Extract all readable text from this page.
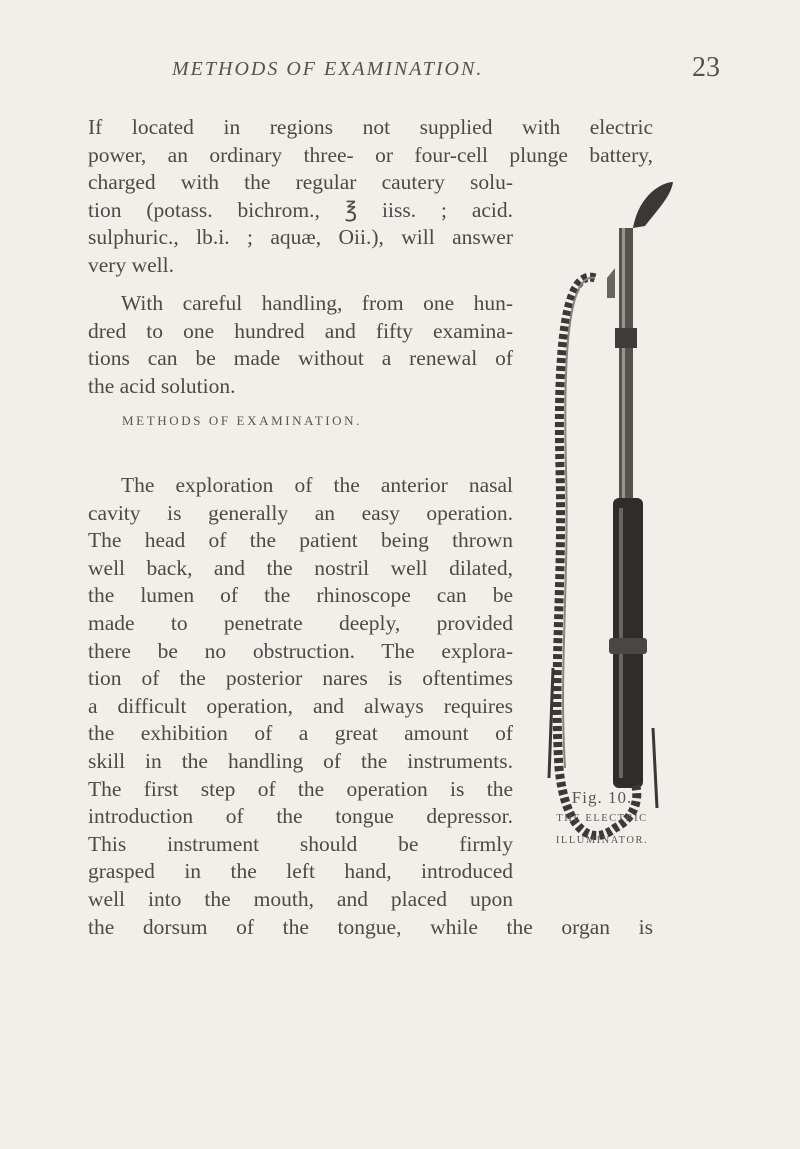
METHODS OF EXAMINATION.	23
If located in regions not supplied with electric
power, an ordinary three- or four-cell plunge battery,
charged with the regular cautery solu-
tion (potass. bichrom., ℥ iiss. ; acid.
sulphuric., lb.i. ; aquæ, Oii.), will answer
very well.
With careful handling, from one hun-
dred to one hundred and fifty examina-
tions can be made without a renewal of
the acid solution.
METHODS OF EXAMINATION.
The exploration of the anterior nasal
cavity is generally an easy operation.
The head of the patient being thrown
well back, and the nostril well dilated,
the lumen of the rhinoscope can be
made to penetrate deeply, provided
there be no obstruction. The explora-
tion of the posterior nares is oftentimes
a difficult operation, and always requires
the exhibition of a great amount of
skill in the handling of the instruments.
The first step of the operation is the
introduction of the tongue depressor.
This instrument should be firmly
grasped in the left hand, introduced
well into the mouth, and placed upon
the dorsum of the tongue, while the organ is
Fig. 10.
THE ELECTRIC
ILLUMINATOR.
